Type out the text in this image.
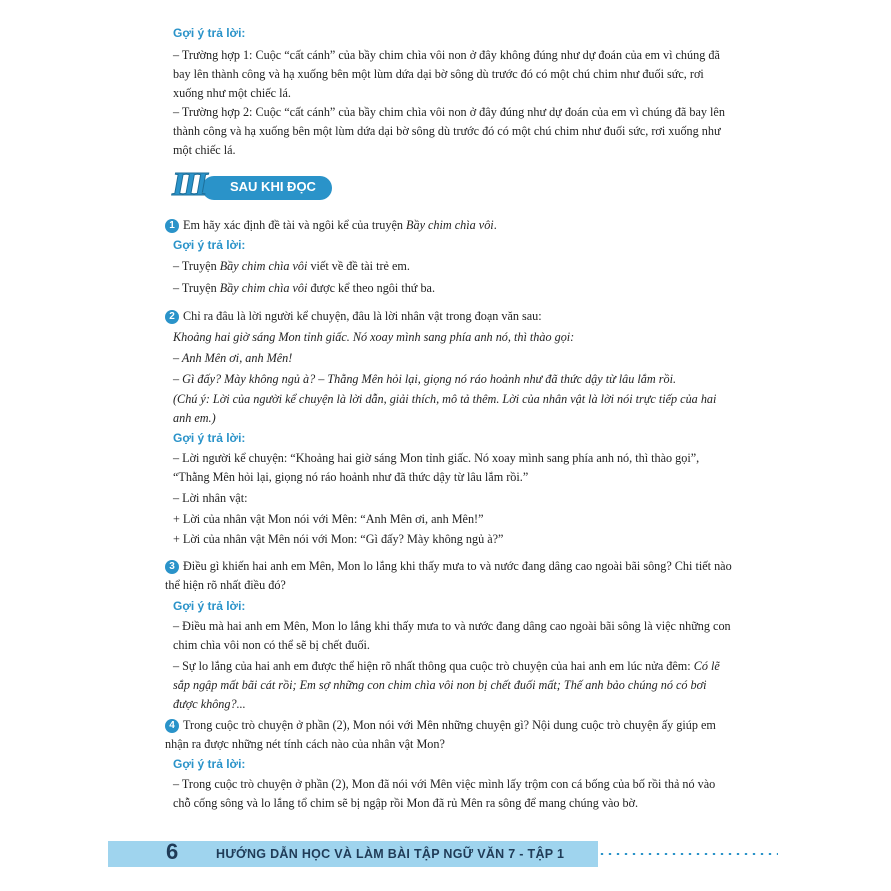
Gợi ý trả lời:
– Trường hợp 1: Cuộc “cất cánh” của bầy chim chìa vôi non ở đây không đúng như dự đoán của em vì chúng đã bay lên thành công và hạ xuống bên một lùm dứa dại bờ sông dù trước đó có một chú chim như đuối sức, rơi xuống như một chiếc lá.
– Trường hợp 2: Cuộc “cất cánh” của bầy chim chìa vôi non ở đây đúng như dự đoán của em vì chúng đã bay lên thành công và hạ xuống bên một lùm dứa dại bờ sông dù trước đó có một chú chim như đuối sức, rơi xuống như một chiếc lá.
III SAU KHI ĐỌC
1 Em hãy xác định đề tài và ngôi kể của truyện Bầy chim chìa vôi.
Gợi ý trả lời:
– Truyện Bầy chim chìa vôi viết về đề tài trẻ em.
– Truyện Bầy chim chìa vôi được kể theo ngôi thứ ba.
2 Chỉ ra đâu là lời người kể chuyện, đâu là lời nhân vật trong đoạn văn sau:
Khoảng hai giờ sáng Mon tỉnh giấc. Nó xoay mình sang phía anh nó, thì thào gọi:
– Anh Mên ơi, anh Mên!
– Gì đấy? Mày không ngủ à? – Thằng Mên hỏi lại, giọng nó ráo hoảnh như đã thức dậy từ lâu lắm rồi.
(Chú ý: Lời của người kể chuyện là lời dẫn, giải thích, mô tả thêm. Lời của nhân vật là lời nói trực tiếp của hai anh em.)
Gợi ý trả lời:
– Lời người kể chuyện: “Khoảng hai giờ sáng Mon tỉnh giấc. Nó xoay mình sang phía anh nó, thì thào gọi”, “Thằng Mên hỏi lại, giọng nó ráo hoảnh như đã thức dậy từ lâu lắm rồi.”
– Lời nhân vật:
+ Lời của nhân vật Mon nói với Mên: “Anh Mên ơi, anh Mên!”
+ Lời của nhân vật Mên nói với Mon: “Gì đấy? Mày không ngủ à?”
3 Điều gì khiến hai anh em Mên, Mon lo lắng khi thấy mưa to và nước đang dâng cao ngoài bãi sông? Chi tiết nào thể hiện rõ nhất điều đó?
Gợi ý trả lời:
– Điều mà hai anh em Mên, Mon lo lắng khi thấy mưa to và nước đang dâng cao ngoài bãi sông là việc những con chim chìa vôi non có thể sẽ bị chết đuối.
– Sự lo lắng của hai anh em được thể hiện rõ nhất thông qua cuộc trò chuyện của hai anh em lúc nửa đêm: Có lẽ sắp ngập mất bãi cát rồi; Em sợ những con chim chìa vôi non bị chết đuối mất; Thế anh bảo chúng nó có bơi được không?...
4 Trong cuộc trò chuyện ở phần (2), Mon nói với Mên những chuyện gì? Nội dung cuộc trò chuyện ấy giúp em nhận ra được những nét tính cách nào của nhân vật Mon?
Gợi ý trả lời:
– Trong cuộc trò chuyện ở phần (2), Mon đã nói với Mên việc mình lấy trộm con cá bống của bố rồi thả nó vào chỗ cống sông và lo lắng tổ chim sẽ bị ngập rồi Mon đã rủ Mên ra sông để mang chúng vào bờ.
6	HƯỚNG DẪN HỌC VÀ LÀM BÀI TẬP NGỮ VĂN 7 - TẬP 1
